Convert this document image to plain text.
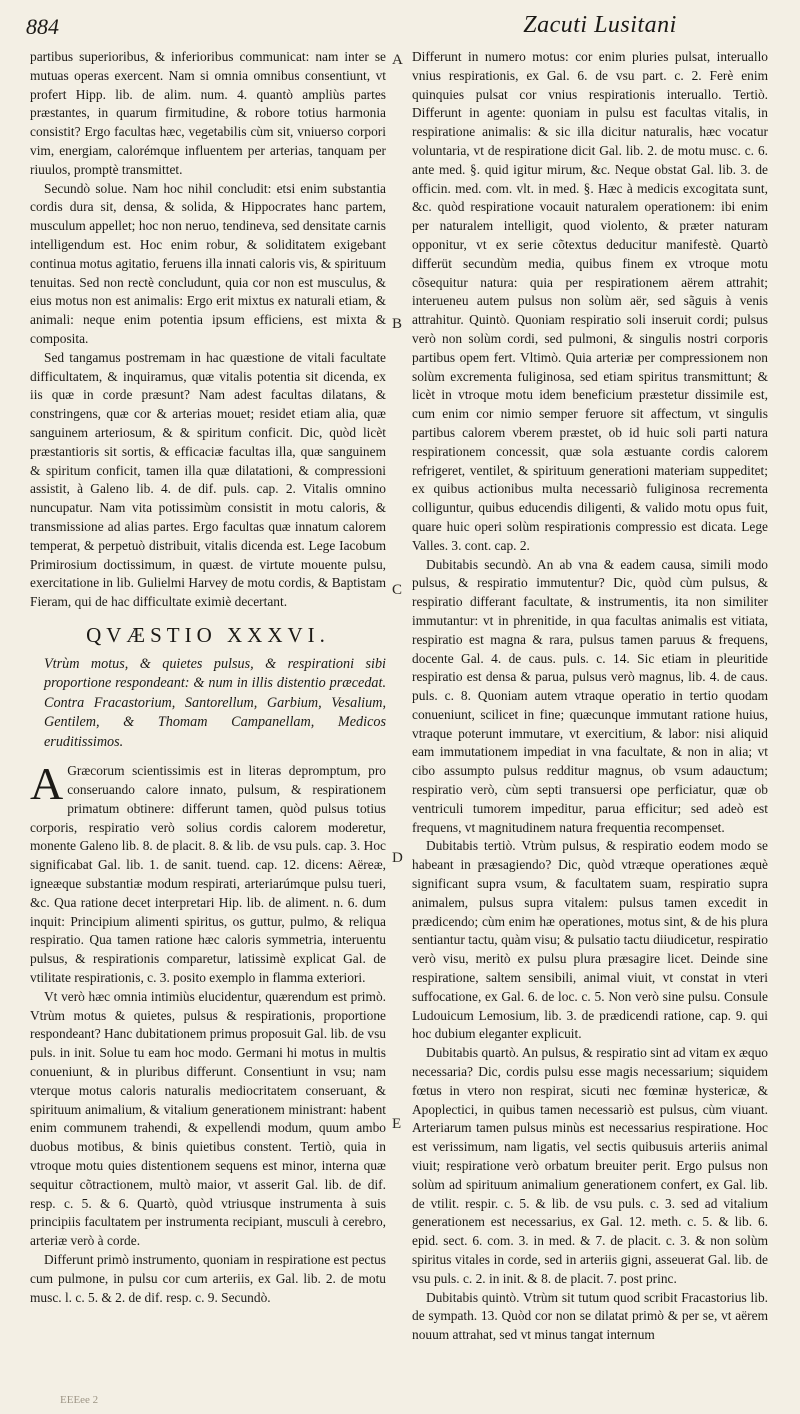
884	Zacuti Lusitani

partibus superioribus, & inferioribus communicat: nam inter se mutuas operas exercent. Nam si omnia omnibus consentiunt, vt profert Hipp. lib. de alim. num. 4. quantò ampliùs partes præstantes, in quarum firmitudine, & robore totius harmonia consistit? Ergo facultas hæc, vegetabilis cùm sit, vniuerso corpori vim, energiam, calorémque influentem per arterias, tanquam per riuulos, promptè transmittet.

Secundò solue. Nam hoc nihil concludit: etsi enim substantia cordis dura sit, densa, & solida, & Hippocrates hanc partem, musculum appellet; hoc non neruo, tendineva, sed densitate carnis intelligendum est. Hoc enim robur, & soliditatem exigebant continua motus agitatio, feruens illa innati caloris vis, & spirituum tenuitas. Sed non rectè concludunt, quia cor non est musculus, & eius motus non est animalis: Ergo erit mixtus ex naturali etiam, & animali: neque enim potentia ipsum efficiens, est mixta & composita.

Sed tangamus postremam in hac quæstione de vitali facultate difficultatem, & inquiramus, quæ vitalis potentia sit dicenda, ex iis quæ in corde præsunt? Nam adest facultas dilatans, & constringens, quæ cor & arterias mouet; residet etiam alia, quæ sanguinem arteriosum, & & spiritum conficit. Dic, quòd licèt præstantioris sit sortis, & efficaciæ facultas illa, quæ sanguinem & spiritum conficit, tamen illa quæ dilatationi, & compressioni assistit, à Galeno lib. 4. de dif. puls. cap. 2. Vitalis omnino nuncupatur. Nam vita potissimùm consistit in motu caloris, & transmissione ad alias partes. Ergo facultas quæ innatum calorem temperat, & perpetuò distribuit, vitalis dicenda est. Lege Iacobum Primirosium doctissimum, in quæst. de virtute mouente pulsu, exercitatione in lib. Gulielmi Harvey de motu cordis, & Baptistam Fieram, qui de hac difficultate eximiè decertant.

QVÆSTIO XXXVI.
Vtrùm motus, & quietes pulsus, & respirationi sibi proportione respondeant: & num in illis distentio præcedat. Contra Fracastorium, Santorellum, Garbium, Vesalium, Gentilem, & Thomam Campanellam, Medicos eruditissimos.

A Græcorum scientissimis est in literas depromptum, pro conseruando calore innato, pulsum, & respirationem primatum obtinere: differunt tamen, quòd pulsus totius corporis, respiratio verò solius cordis calorem moderetur, monente Galeno lib. 8. de placit. 8. & lib. de vsu puls. cap. 3. Hoc significabat Gal. lib. 1. de sanit. tuend. cap. 12. dicens: Aëreæ, igneæque substantiæ modum respirati, arteriarúmque pulsu tueri, &c. Qua ratione decet interpretari Hip. lib. de aliment. n. 6. dum inquit: Principium alimenti spiritus, os guttur, pulmo, & reliqua respiratio. Qua tamen ratione hæc caloris symmetria, interuentu pulsus, & respirationis comparetur, latissimè explicat Gal. de vtilitate respirationis, c. 3. posito exemplo in flamma exteriori.

Vt verò hæc omnia intimiùs elucidentur, quærendum est primò. Vtrùm motus & quietes, pulsus & respirationis, proportione respondeant? Hanc dubitationem primus proposuit Gal. lib. de vsu puls. in init. Solue tu eam hoc modo. Germani hi motus in multis conueniunt, & in pluribus differunt. Consentiunt in vsu; nam vterque motus caloris naturalis mediocritatem conseruant, & spirituum animalium, & vitalium generationem ministrant: habent enim communem trahendi, & expellendi modum, quum ambo duobus motibus, & binis quietibus constent. Tertiò, quia in vtroque motu quies distentionem sequens est minor, interna quæ sequitur cõtractionem, multò maior, vt asserit Gal. lib. de dif. resp. c. 5. & 6. Quartò, quòd vtriusque instrumenta à suis principiis facultatem per instrumenta recipiant, musculi à cerebro, arteriæ verò à corde.

Differunt primò instrumento, quoniam in respiratione est pectus cum pulmone, in pulsu cor cum arteriis, ex Gal. lib. 2. de motu musc. l. c. 5. & 2. de dif. resp. c. 9. Secundò.

A
B
C
D
E

Differunt in numero motus: cor enim pluries pulsat, interuallo vnius respirationis, ex Gal. 6. de vsu part. c. 2. Ferè enim quinquies pulsat cor vnius respirationis interuallo. Tertiò. Differunt in agente: quoniam in pulsu est facultas vitalis, in respiratione animalis: & sic illa dicitur naturalis, hæc vocatur voluntaria, vt de respiratione dicit Gal. lib. 2. de motu musc. c. 6. ante med. §. quid igitur mirum, &c. Neque obstat Gal. lib. 3. de officin. med. com. vlt. in med. §. Hæc à medicis excogitata sunt, &c. quòd respiratione vocauit naturalem operationem: ibi enim per naturalem intelligit, quod violento, & præter naturam opponitur, vt ex serie cõtextus deducitur manifestè. Quartò differüt secundùm media, quibus finem ex vtroque motu cõsequitur natura: quia per respirationem aërem attrahit; interueneu autem pulsus non solùm aër, sed sãguis à venis attrahitur. Quintò. Quoniam respiratio soli inseruit cordi; pulsus verò non solùm cordi, sed pulmoni, & singulis nostri corporis partibus opem fert. Vltimò. Quia arteriæ per compressionem non solùm excrementa fuliginosa, sed etiam spiritus transmittunt; & licèt in vtroque motu idem beneficium præstetur dissimile est, cum enim cor nimio semper feruore sit affectum, vt singulis partibus calorem vberem præstet, ob id huic soli parti natura respirationem concessit, quæ sola æstuante cordis calorem refrigeret, ventilet, & spirituum generationi materiam suppeditet; ex quibus actionibus multa necessariò fuliginosa recrementa colliguntur, quibus educendis diligenti, & valido motu opus fuit, quare huic operi solùm respirationis compressio est dicata. Lege Valles. 3. cont. cap. 2.

Dubitabis secundò. An ab vna & eadem causa, simili modo pulsus, & respiratio immutentur? Dic, quòd cùm pulsus, & respiratio differant facultate, & instrumentis, ita non similiter immutantur: vt in phrenitide, in qua facultas animalis est vitiata, respiratio est magna & rara, pulsus tamen paruus & frequens, docente Gal. 4. de caus. puls. c. 14. Sic etiam in pleuritide respiratio est densa & parua, pulsus verò magnus, lib. 4. de caus. puls. c. 8. Quoniam autem vtraque operatio in tertio quodam conueniunt, scilicet in fine; quæcunque immutant ratione huius, vtraque poterunt immutare, vt exercitium, & labor: nisi aliquid eam immutationem impediat in vna facultate, & non in alia; vt cibo assumpto pulsus redditur magnus, ob vsum adauctum; respiratio verò, cùm septi transuersi ope perficiatur, quæ ob ventriculi tumorem impeditur, parua efficitur; sed adeò est frequens, vt magnitudinem natura frequentia recompenset.

Dubitabis tertiò. Vtrùm pulsus, & respiratio eodem modo se habeant in præsagiendo? Dic, quòd vtræque operationes æquè significant supra vsum, & facultatem suam, respiratio supra animalem, pulsus supra vitalem: pulsus tamen excedit in prædicendo; cùm enim hæ operationes, motus sint, & de his plura sentiantur tactu, quàm visu; & pulsatio tactu diiudicetur, respiratio verò visu, meritò ex pulsu plura præsagire licet. Deinde sine respiratione, saltem sensibili, animal viuit, vt constat in vteri suffocatione, ex Gal. 6. de loc. c. 5. Non verò sine pulsu. Consule Ludouicum Lemosium, lib. 3. de prædicendi ratione, cap. 9. qui hoc dubium eleganter explicuit.

Dubitabis quartò. An pulsus, & respiratio sint ad vitam ex æquo necessaria? Dic, cordis pulsu esse magis necessarium; siquidem fœtus in vtero non respirat, sicuti nec fœminæ hystericæ, & Apoplectici, in quibus tamen necessariò est pulsus, cùm viuant. Arteriarum tamen pulsus minùs est necessarius respiratione. Hoc est verissimum, nam ligatis, vel sectis quibusuis arteriis animal viuit; respiratione verò orbatum breuiter perit. Ergo pulsus non solùm ad spirituum animalium generationem confert, ex Gal. lib. de vtilit. respir. c. 5. & lib. de vsu puls. c. 3. sed ad vitalium generationem est necessarius, ex Gal. 12. meth. c. 5. & lib. 6. epid. sect. 6. com. 3. in med. & 7. de placit. c. 3. & non solùm spiritus vitales in corde, sed in arteriis gigni, asseuerat Gal. lib. de vsu puls. c. 2. in init. & 8. de placit. 7. post princ.

Dubitabis quintò. Vtrùm sit tutum quod scribit Fracastorius lib. de sympath. 13. Quòd cor non se dilatat primò & per se, vt aërem nouum attrahat, sed vt minus tangat internum

EEEee 2
